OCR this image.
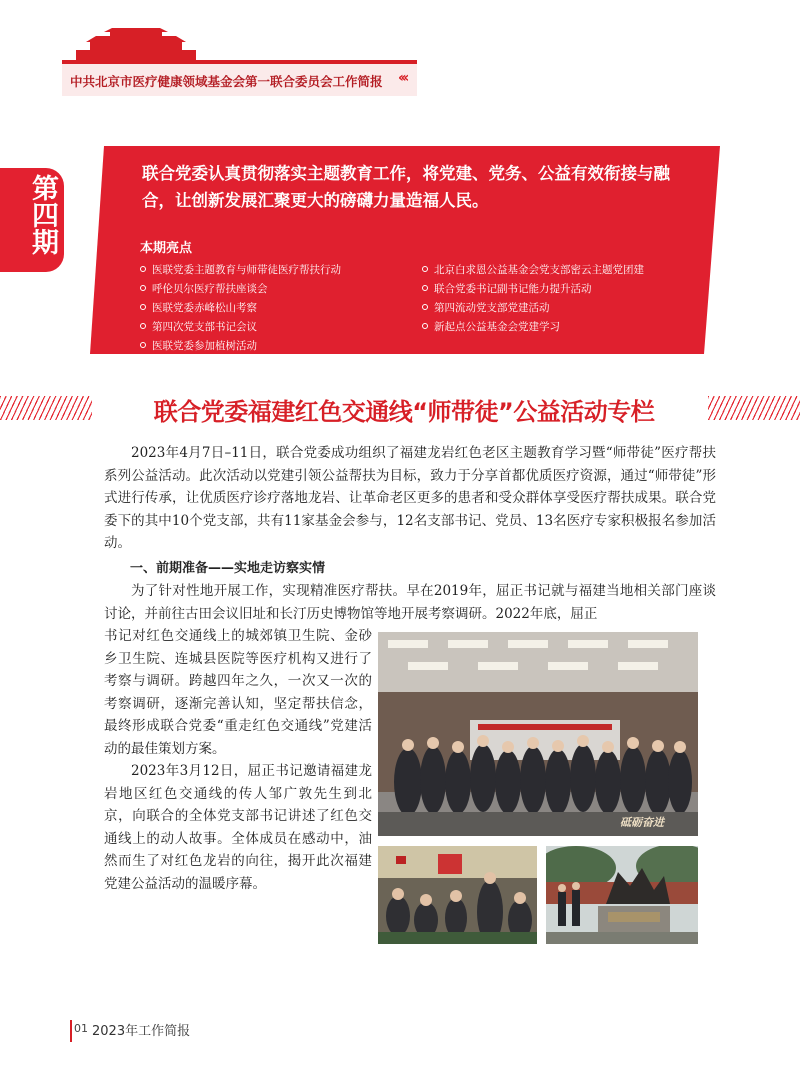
中共北京市医疗健康领域基金会第一联合委员会工作简报 ‹‹‹
第四期
联合党委认真贯彻落实主题教育工作，将党建、党务、公益有效衔接与融合，让创新发展汇聚更大的磅礴力量造福人民。
本期亮点
医联党委主题教育与师带徒医疗帮扶行动
呼伦贝尔医疗帮扶座谈会
医联党委赤峰松山考察
第四次党支部书记会议
医联党委参加植树活动
北京白求恩公益基金会党支部密云主题党团建
联合党委书记副书记能力提升活动
第四流动党支部党建活动
新起点公益基金会党建学习
联合党委福建红色交通线“师带徒”公益活动专栏
2023年4月7日–11日，联合党委成功组织了福建龙岩红色老区主题教育学习暨“师带徒”医疗帮扶系列公益活动。此次活动以党建引领公益帮扶为目标，致力于分享首都优质医疗资源，通过“师带徒”形式进行传承，让优质医疗诊疗落地龙岩、让革命老区更多的患者和受众群体享受医疗帮扶成果。联合党委下的其中10个党支部，共有11家基金会参与，12名支部书记、党员、13名医疗专家积极报名参加活动。
一、前期准备——实地走访察实情
为了针对性地开展工作，实现精准医疗帮扶。早在2019年，屈正书记就与福建当地相关部门座谈讨论，并前往古田会议旧址和长汀历史博物馆等地开展考察调研。2022年底，屈正
书记对红色交通线上的城郊镇卫生院、金砂乡卫生院、连城县医院等医疗机构又进行了考察与调研。跨越四年之久，一次又一次的考察调研，逐渐完善认知，坚定帮扶信念，最终形成联合党委“重走红色交通线”党建活动的最佳策划方案。
2023年3月12日，屈正书记邀请福建龙岩地区红色交通线的传人邹广敦先生到北京，向联合的全体党支部书记讲述了红色交通线上的动人故事。全体成员在感动中，油然而生了对红色龙岩的向往，揭开此次福建党建公益活动的温暖序幕。
砥砺奋进
01 2023年工作简报
